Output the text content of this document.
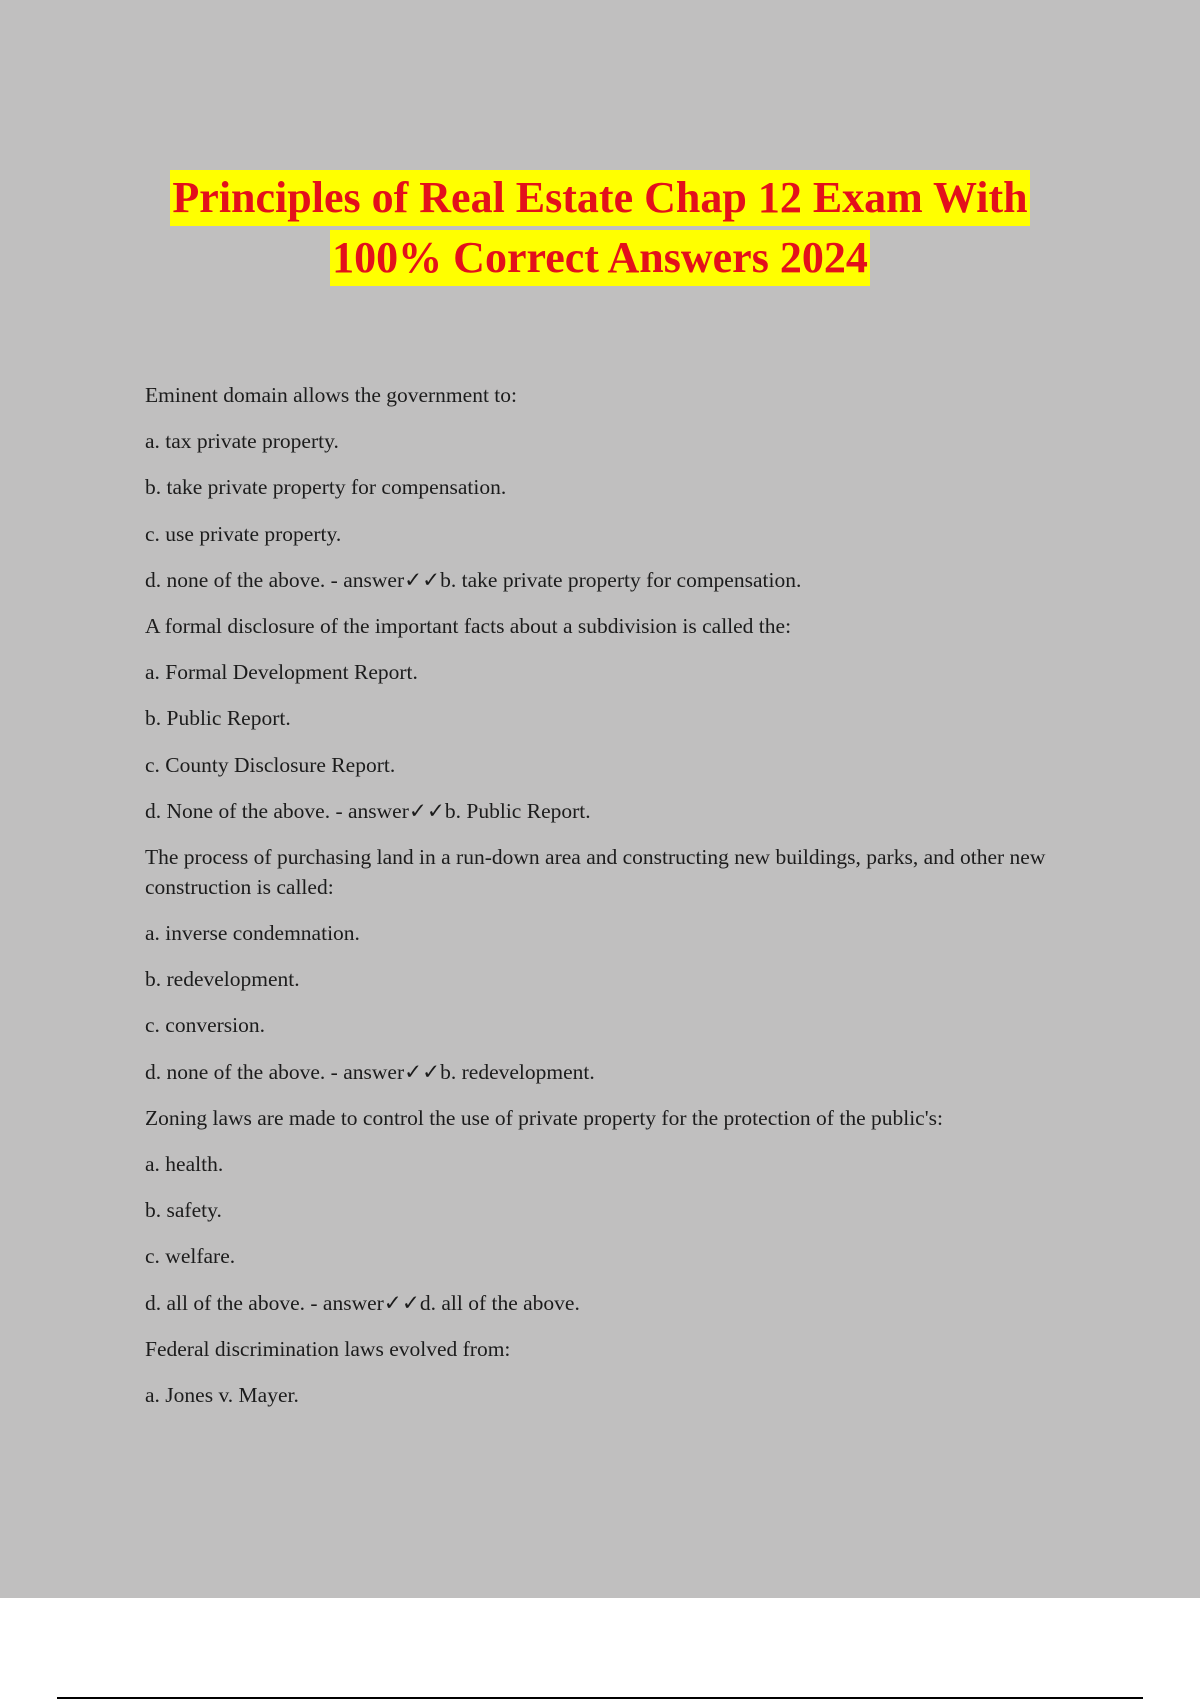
Principles of Real Estate Chap 12 Exam With
100% Correct Answers 2024
Eminent domain allows the government to:
a. tax private property.
b. take private property for compensation.
c. use private property.
d. none of the above. - answer✓✓b. take private property for compensation.
A formal disclosure of the important facts about a subdivision is called the:
a. Formal Development Report.
b. Public Report.
c. County Disclosure Report.
d. None of the above. - answer✓✓b. Public Report.
The process of purchasing land in a run-down area and constructing new buildings, parks, and other new construction is called:
a. inverse condemnation.
b. redevelopment.
c. conversion.
d. none of the above. - answer✓✓b. redevelopment.
Zoning laws are made to control the use of private property for the protection of the public's:
a. health.
b. safety.
c. welfare.
d. all of the above. - answer✓✓d. all of the above.
Federal discrimination laws evolved from:
a. Jones v. Mayer.
